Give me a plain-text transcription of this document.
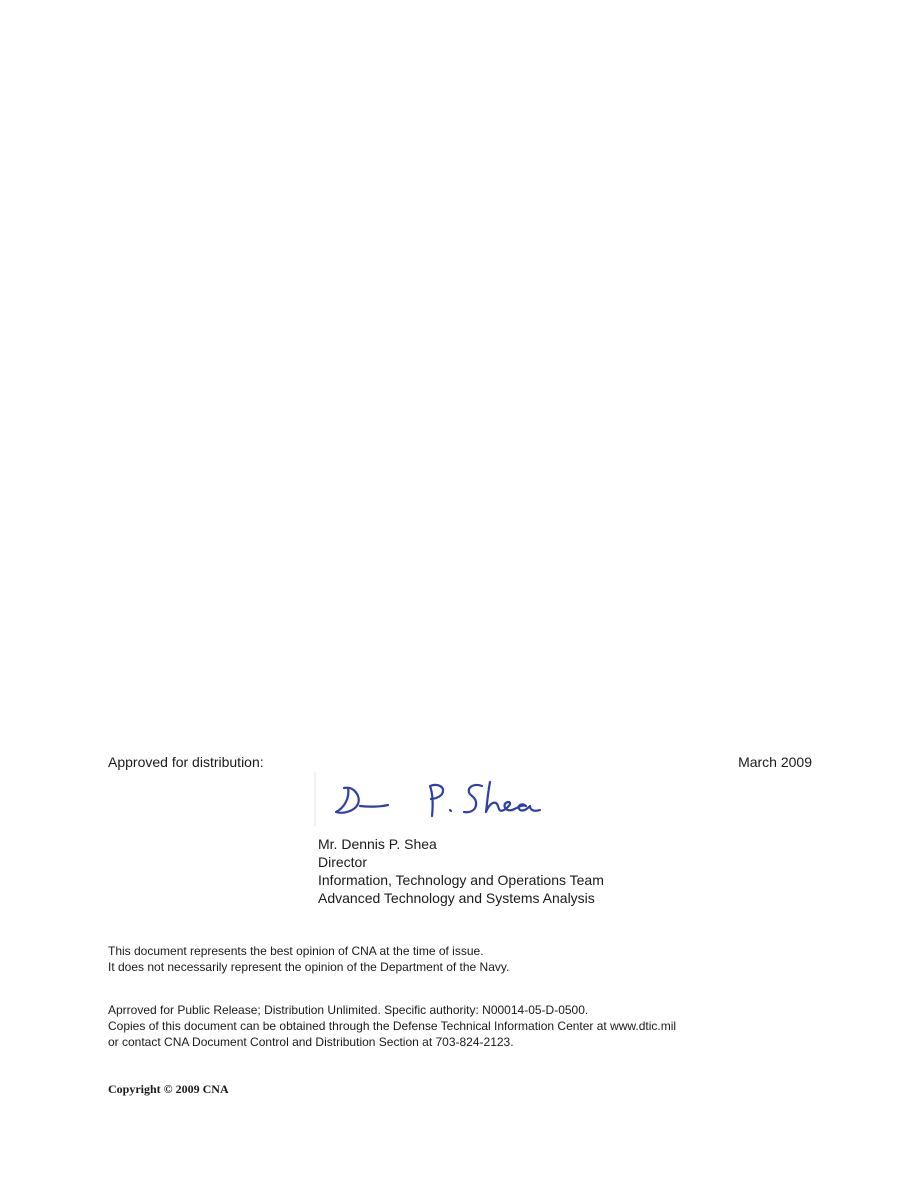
Approved for distribution:	March 2009
Mr. Dennis P. Shea
Director
Information, Technology and Operations Team
Advanced Technology and Systems Analysis
This document represents the best opinion of CNA at the time of issue.
It does not necessarily represent the opinion of the Department of the Navy.
Aprroved for Public Release; Distribution Unlimited. Specific authority: N00014-05-D-0500.
Copies of this document can be obtained through the Defense Technical Information Center at www.dtic.mil
or contact CNA Document Control and Distribution Section at 703-824-2123.
Copyright © 2009 CNA
